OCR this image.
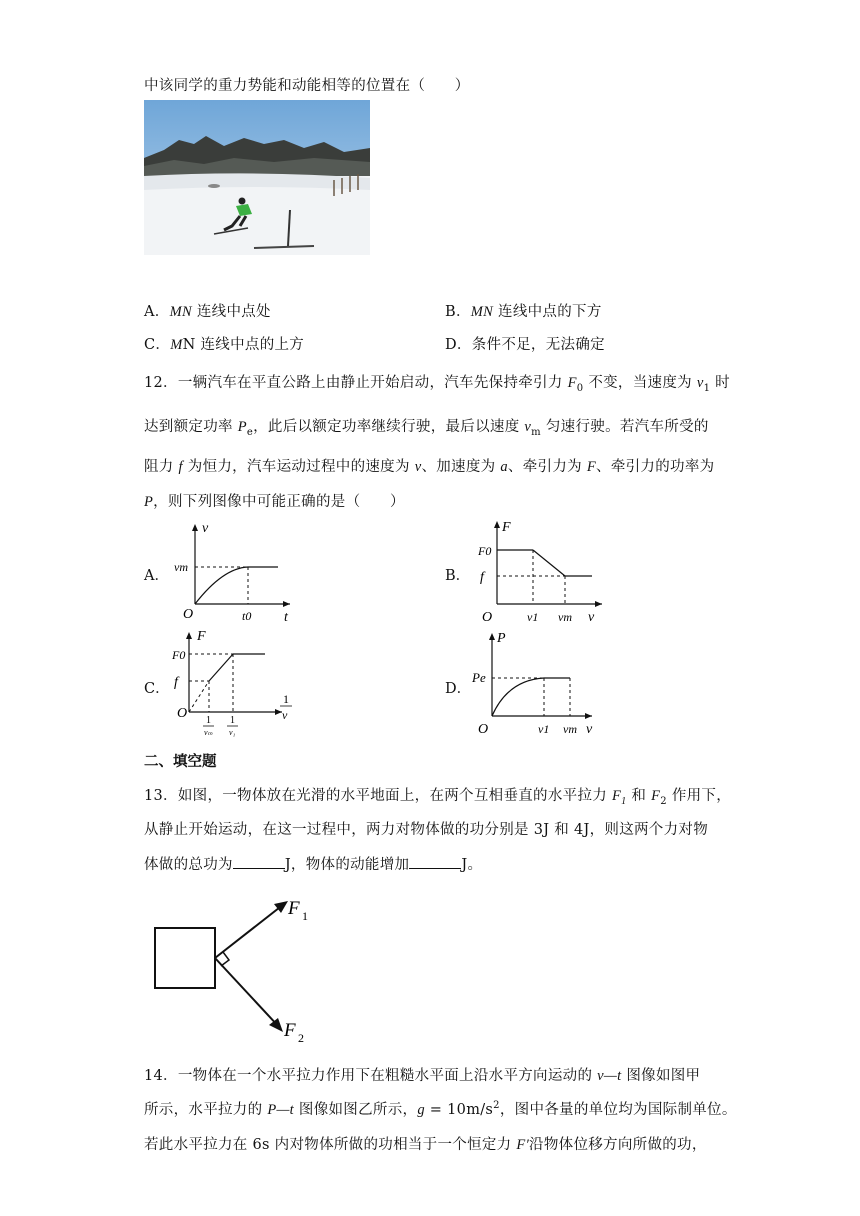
中该同学的重力势能和动能相等的位置在（　　）
A．MN 连线中点处	B．MN 连线中点的下方
C．MN 连线中点的上方	D．条件不足，无法确定
12．一辆汽车在平直公路上由静止开始启动，汽车先保持牵引力 $F_0$ 不变，当速度为 $v_1$ 时
达到额定功率 $P_e$，此后以额定功率继续行驶，最后以速度 $v_m$ 匀速行驶。若汽车所受的
阻力 f 为恒力，汽车运动过程中的速度为 v、加速度为 a、牵引力为 F、牵引力的功率为
P，则下列图像中可能正确的是（　　）
A．	B．
C．	D．
v
t
vm
t0
O
F
F0
f
O	v1 vm v
F
F0
f
O 1
vₘ
1
v₁
1
v
P
Pe
O	v1 vm v
二、填空题
13．如图，一物体放在光滑的水平地面上，在两个互相垂直的水平拉力 $F_1$ 和 $F_2$ 作用下，
从静止开始运动，在这一过程中，两力对物体做的功分别是 3J 和 4J，则这两个力对物
体做的总功为	J，物体的动能增加	J。
F 1
F 2
14．一物体在一个水平拉力作用下在粗糙水平面上沿水平方向运动的 v—t 图像如图甲
所示，水平拉力的 P—t 图像如图乙所示，$g = 10m/s^2$，图中各量的单位均为国际制单位。
若此水平拉力在 6s 内对物体所做的功相当于一个恒定力 F′沿物体位移方向所做的功，
